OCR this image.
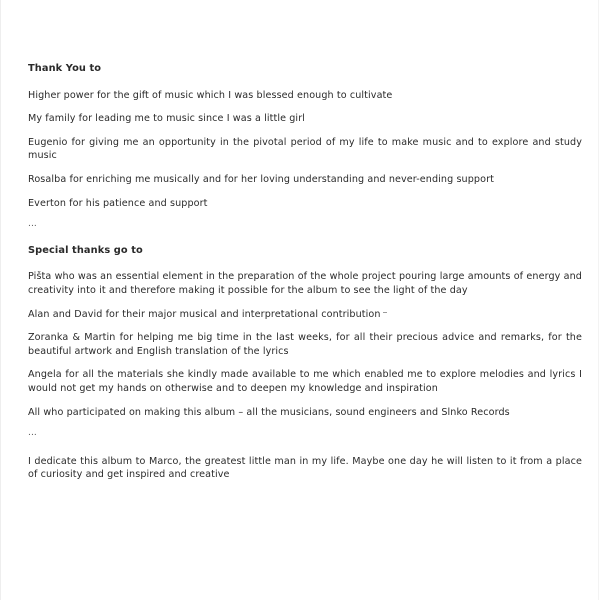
Thank You to

Higher power for the gift of music which I was blessed enough to cultivate

My family for leading me to music since I was a little girl

Eugenio for giving me an opportunity in the pivotal period of my life to make music and to explore and study music

Rosalba for enriching me musically and for her loving understanding and never-ending support

Everton for his patience and support

...

Special thanks go to

Pišta who was an essential element in the preparation of the whole project pouring large amounts of energy and creativity into it and therefore making it possible for the album to see the light of the day

Alan and David for their major musical and interpretational contribution

Zoranka & Martin for helping me big time in the last weeks, for all their precious advice and remarks, for the beautiful artwork and English translation of the lyrics

Angela for all the materials she kindly made available to me which enabled me to explore melodies and lyrics I would not get my hands on otherwise and to deepen my knowledge and inspiration

All who participated on making this album – all the musicians, sound engineers and Slnko Records

...

I dedicate this album to Marco, the greatest little man in my life. Maybe one day he will listen to it from a place of curiosity and get inspired and creative
